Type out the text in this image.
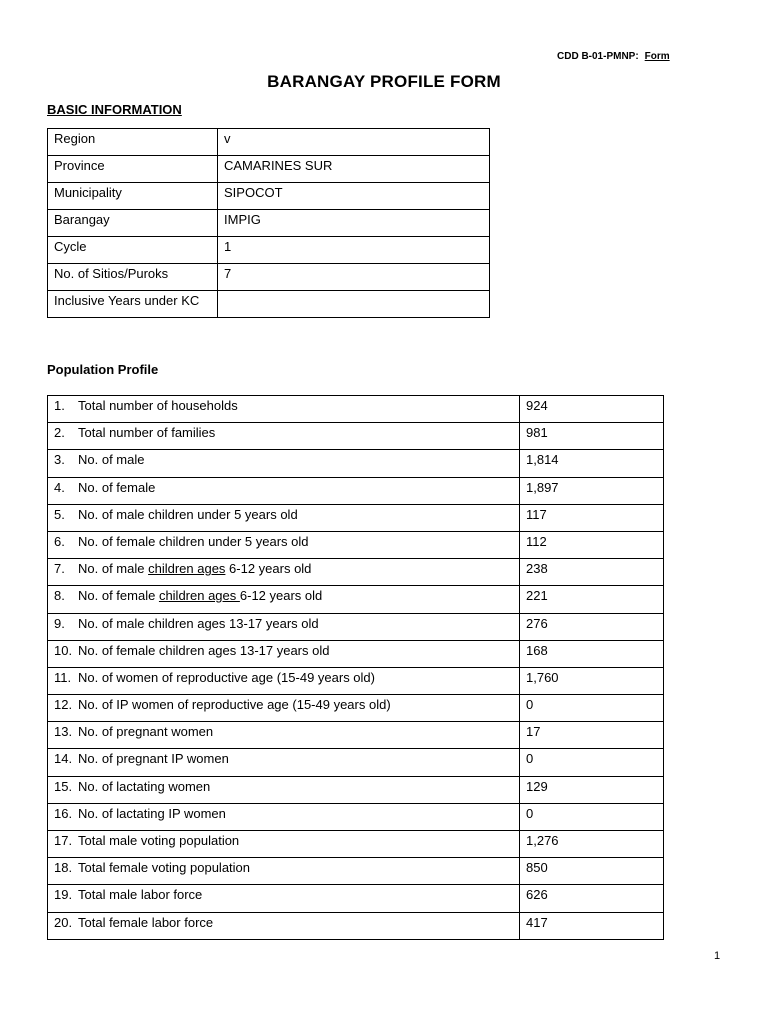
CDD B-01-PMNP: Form
BARANGAY PROFILE FORM
BASIC INFORMATION
Region	v
Province	CAMARINES SUR
Municipality	SIPOCOT
Barangay	IMPIG
Cycle	1
No. of Sitios/Puroks	7
Inclusive Years under KC	
Population Profile
1. Total number of households	924
2. Total number of families	981
3. No. of male	1,814
4. No. of female	1,897
5. No. of male children under 5 years old	117
6. No. of female children under 5 years old	112
7. No. of male children ages 6-12 years old	238
8. No. of female children ages 6-12 years old	221
9. No. of male children ages 13-17 years old	276
10. No. of female children ages 13-17 years old	168
11. No. of women of reproductive age (15-49 years old)	1,760
12. No. of IP women of reproductive age (15-49 years old)	0
13. No. of pregnant women	17
14. No. of pregnant IP women	0
15. No. of lactating women	129
16. No. of lactating IP women	0
17. Total male voting population	1,276
18. Total female voting population	850
19. Total male labor force	626
20. Total female labor force	417
1
